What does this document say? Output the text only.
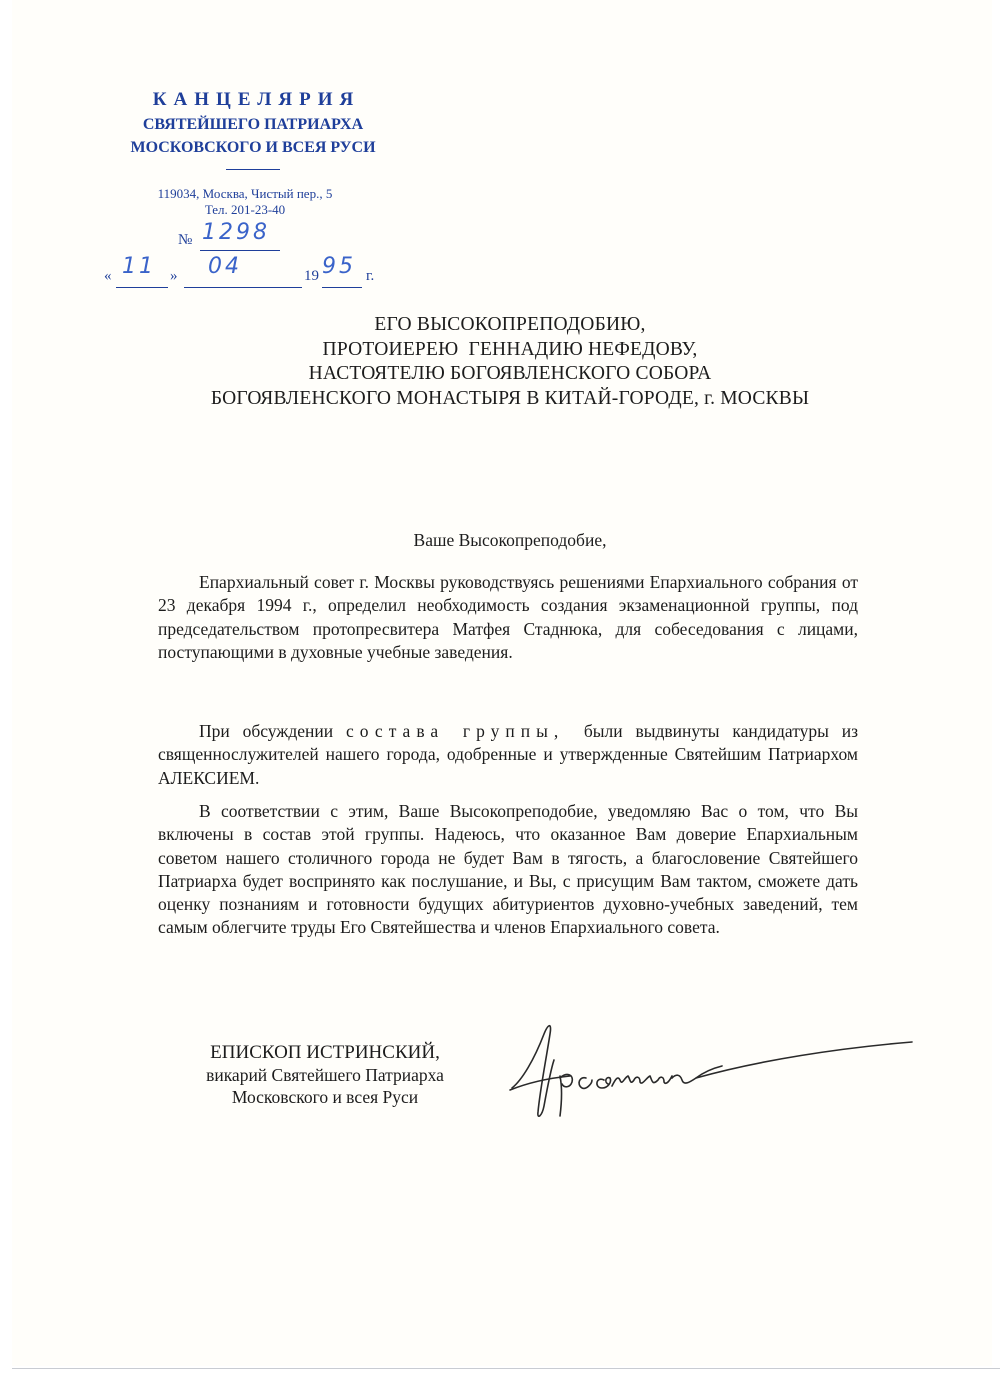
КАНЦЕЛЯРИЯ
СВЯТЕЙШЕГО ПАТРИАРХА
МОСКОВСКОГО И ВСЕЯ РУСИ
119034, Москва, Чистый пер., 5
Тел. 201-23-40
№ 1298
« 11 » 04	19 95 г.
ЕГО ВЫСОКОПРЕПОДОБИЮ,
ПРОТОИЕРЕЮ  ГЕННАДИЮ НЕФЕДОВУ,
НАСТОЯТЕЛЮ БОГОЯВЛЕНСКОГО СОБОРА
БОГОЯВЛЕНСКОГО МОНАСТЫРЯ В КИТАЙ-ГОРОДЕ, г. МОСКВЫ
Ваше Высокопреподобие,

Епархиальный совет г. Москвы руководствуясь решениями Епархиального собрания от 23 декабря 1994 г., определил необходимость создания экзаменационной группы, под председательством протопресвитера Матфея Стаднюка, для собеседования с лицами, поступающими в духовные учебные заведения.

При обсуждении состава группы,  были выдвинуты кандидатуры из священнослужителей нашего города, одобренные и утвержденные Святейшим Патриархом АЛЕКСИЕМ.

В соответствии с этим, Ваше Высокопреподобие, уведомляю Вас о том, что Вы включены в состав этой группы. Надеюсь, что оказанное Вам доверие Епархиальным советом нашего столичного города не будет Вам в тягость, а благословение Святейшего Патриарха будет воспринято как послушание, и Вы, с присущим Вам тактом, сможете дать оценку познаниям и готовности будущих абитуриентов духовно-учебных заведений, тем самым облегчите труды Его Святейшества и членов Епархиального совета.

ЕПИСКОП ИСТРИНСКИЙ,
викарий Святейшего Патриарха
Московского и всея Руси
